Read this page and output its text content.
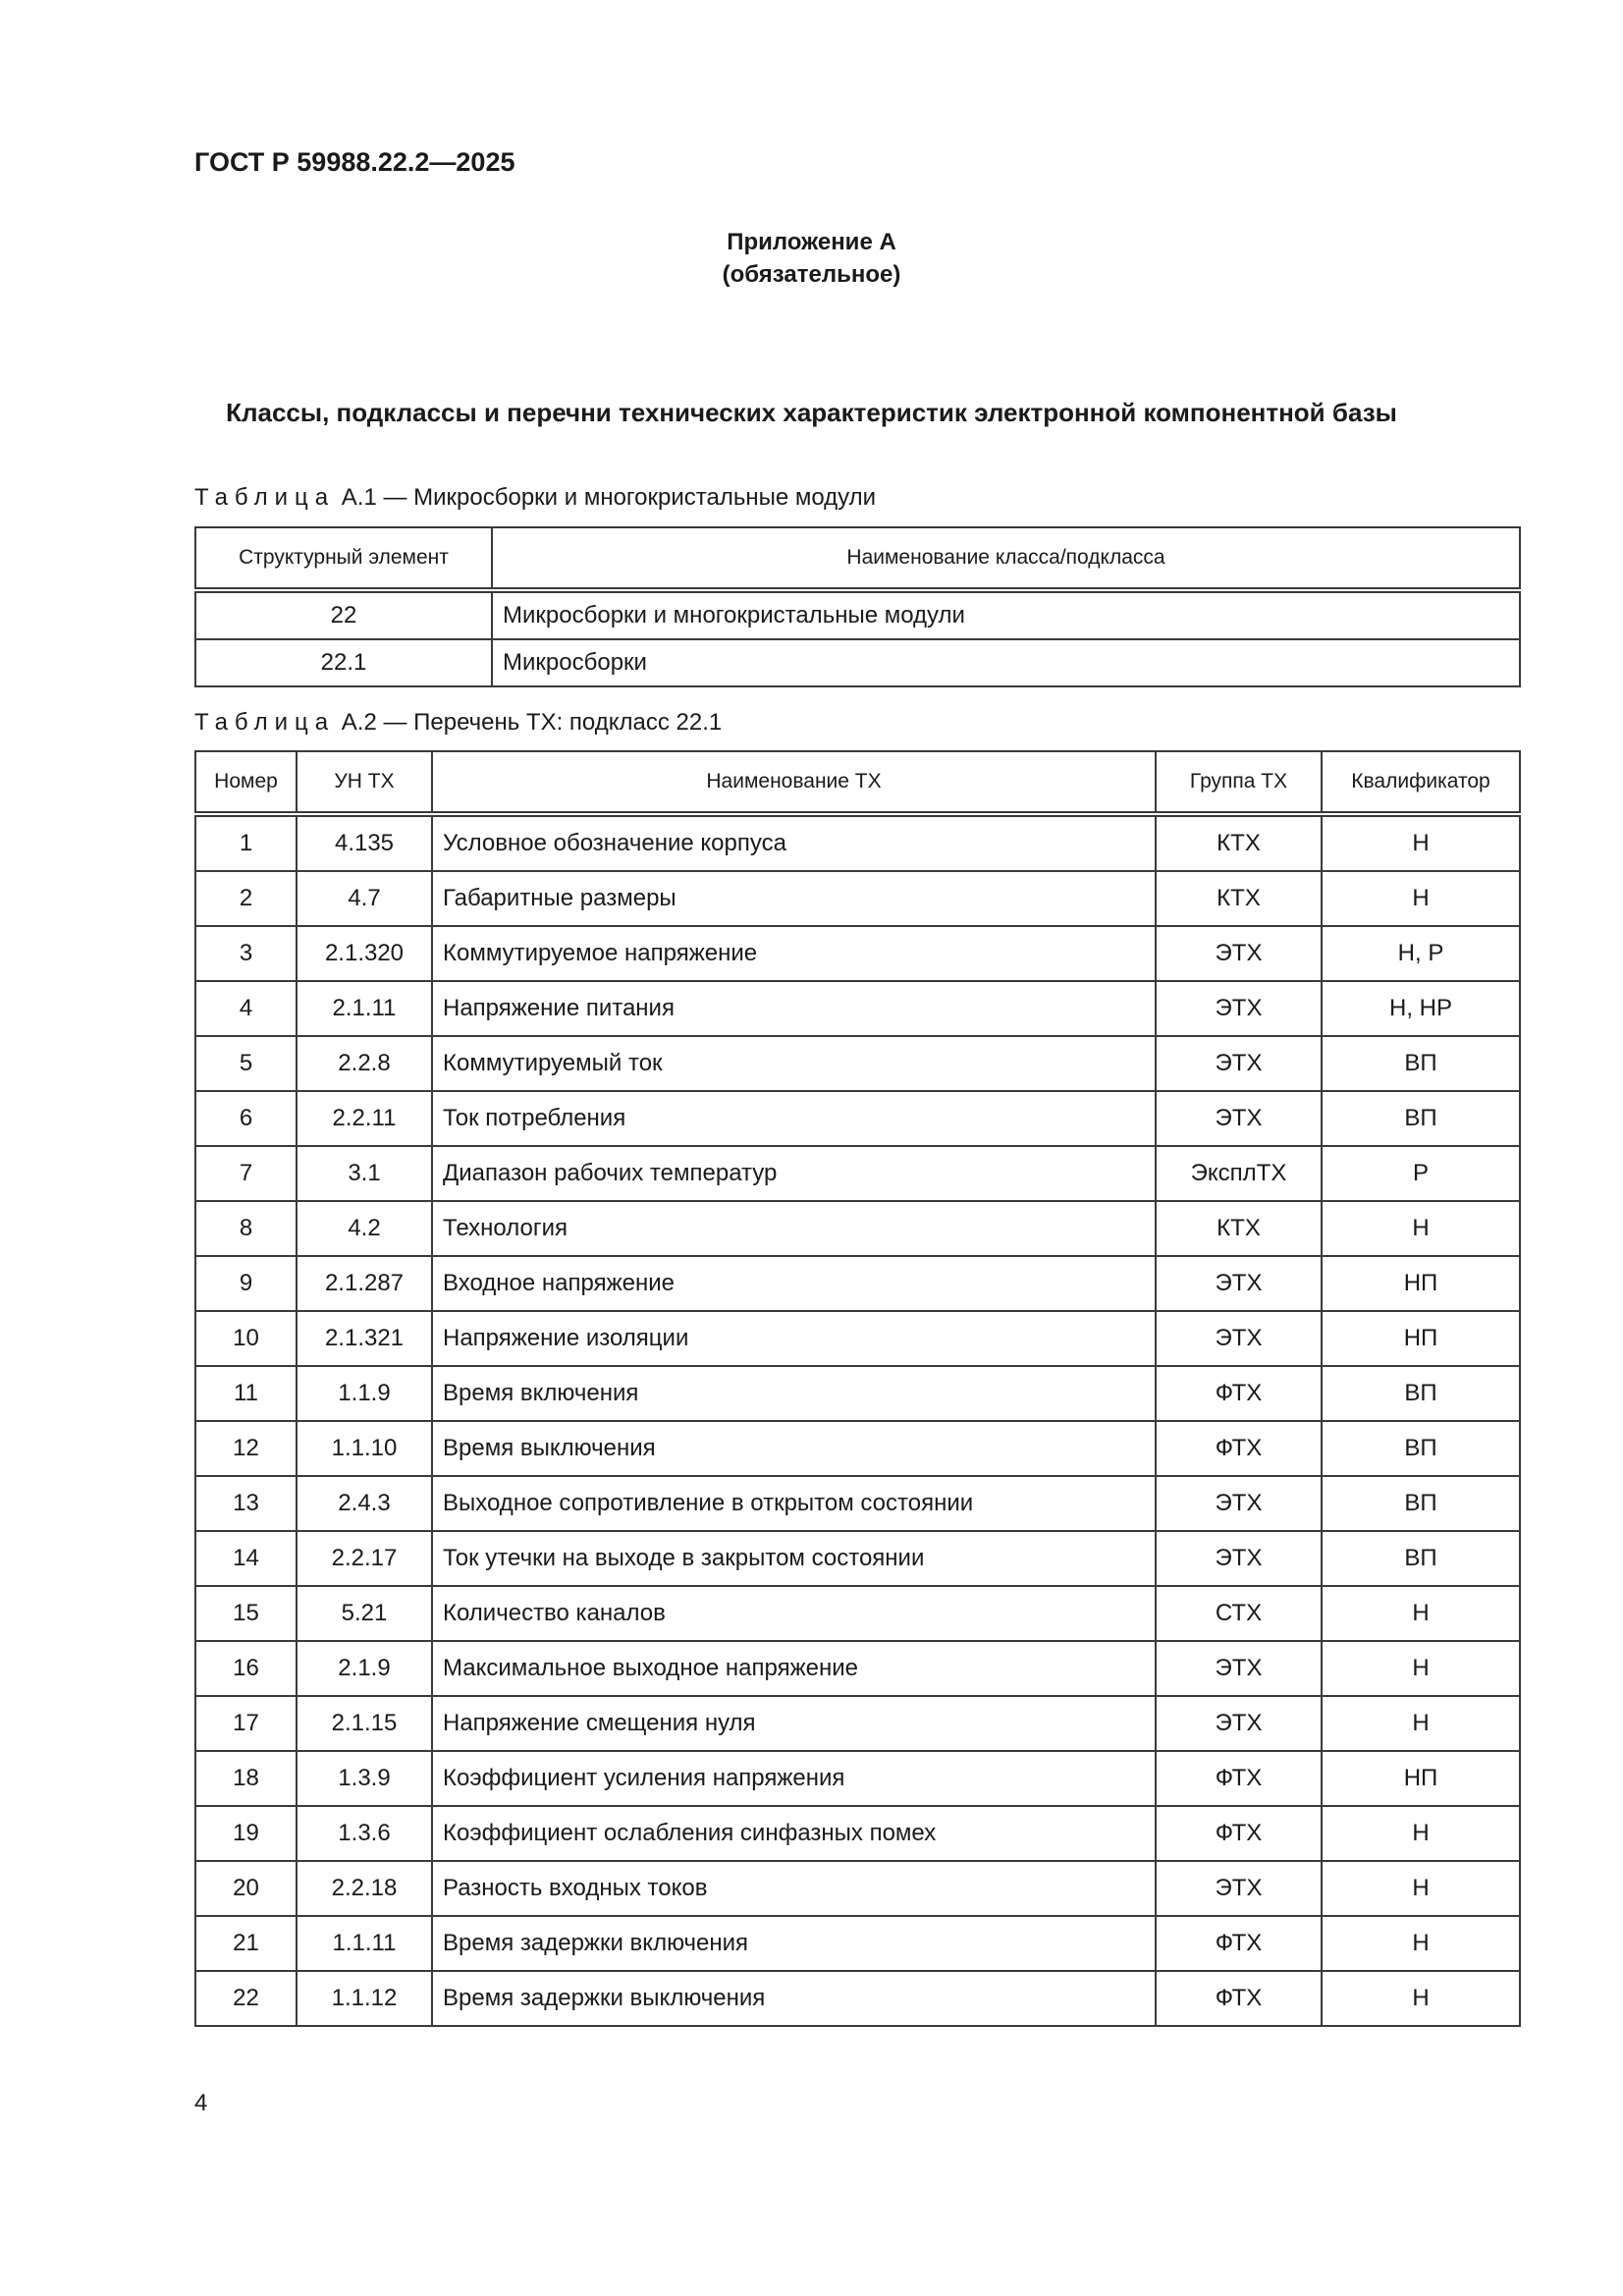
ГОСТ Р 59988.22.2—2025
Приложение А
(обязательное)
Классы, подклассы и перечни технических характеристик электронной компонентной базы
Таблица А.1 — Микросборки и многокристальные модули
Структурный элемент	Наименование класса/подкласса
22	Микросборки и многокристальные модули
22.1	Микросборки
Таблица А.2 — Перечень ТХ: подкласс 22.1
Номер	УН ТХ	Наименование ТХ	Группа ТХ	Квалификатор
1	4.135	Условное обозначение корпуса	КТХ	Н
2	4.7	Габаритные размеры	КТХ	Н
3	2.1.320	Коммутируемое напряжение	ЭТХ	Н, Р
4	2.1.11	Напряжение питания	ЭТХ	Н, НР
5	2.2.8	Коммутируемый ток	ЭТХ	ВП
6	2.2.11	Ток потребления	ЭТХ	ВП
7	3.1	Диапазон рабочих температур	ЭксплТХ	Р
8	4.2	Технология	КТХ	Н
9	2.1.287	Входное напряжение	ЭТХ	НП
10	2.1.321	Напряжение изоляции	ЭТХ	НП
11	1.1.9	Время включения	ФТХ	ВП
12	1.1.10	Время выключения	ФТХ	ВП
13	2.4.3	Выходное сопротивление в открытом состоянии	ЭТХ	ВП
14	2.2.17	Ток утечки на выходе в закрытом состоянии	ЭТХ	ВП
15	5.21	Количество каналов	СТХ	Н
16	2.1.9	Максимальное выходное напряжение	ЭТХ	Н
17	2.1.15	Напряжение смещения нуля	ЭТХ	Н
18	1.3.9	Коэффициент усиления напряжения	ФТХ	НП
19	1.3.6	Коэффициент ослабления синфазных помех	ФТХ	Н
20	2.2.18	Разность входных токов	ЭТХ	Н
21	1.1.11	Время задержки включения	ФТХ	Н
22	1.1.12	Время задержки выключения	ФТХ	Н
4
